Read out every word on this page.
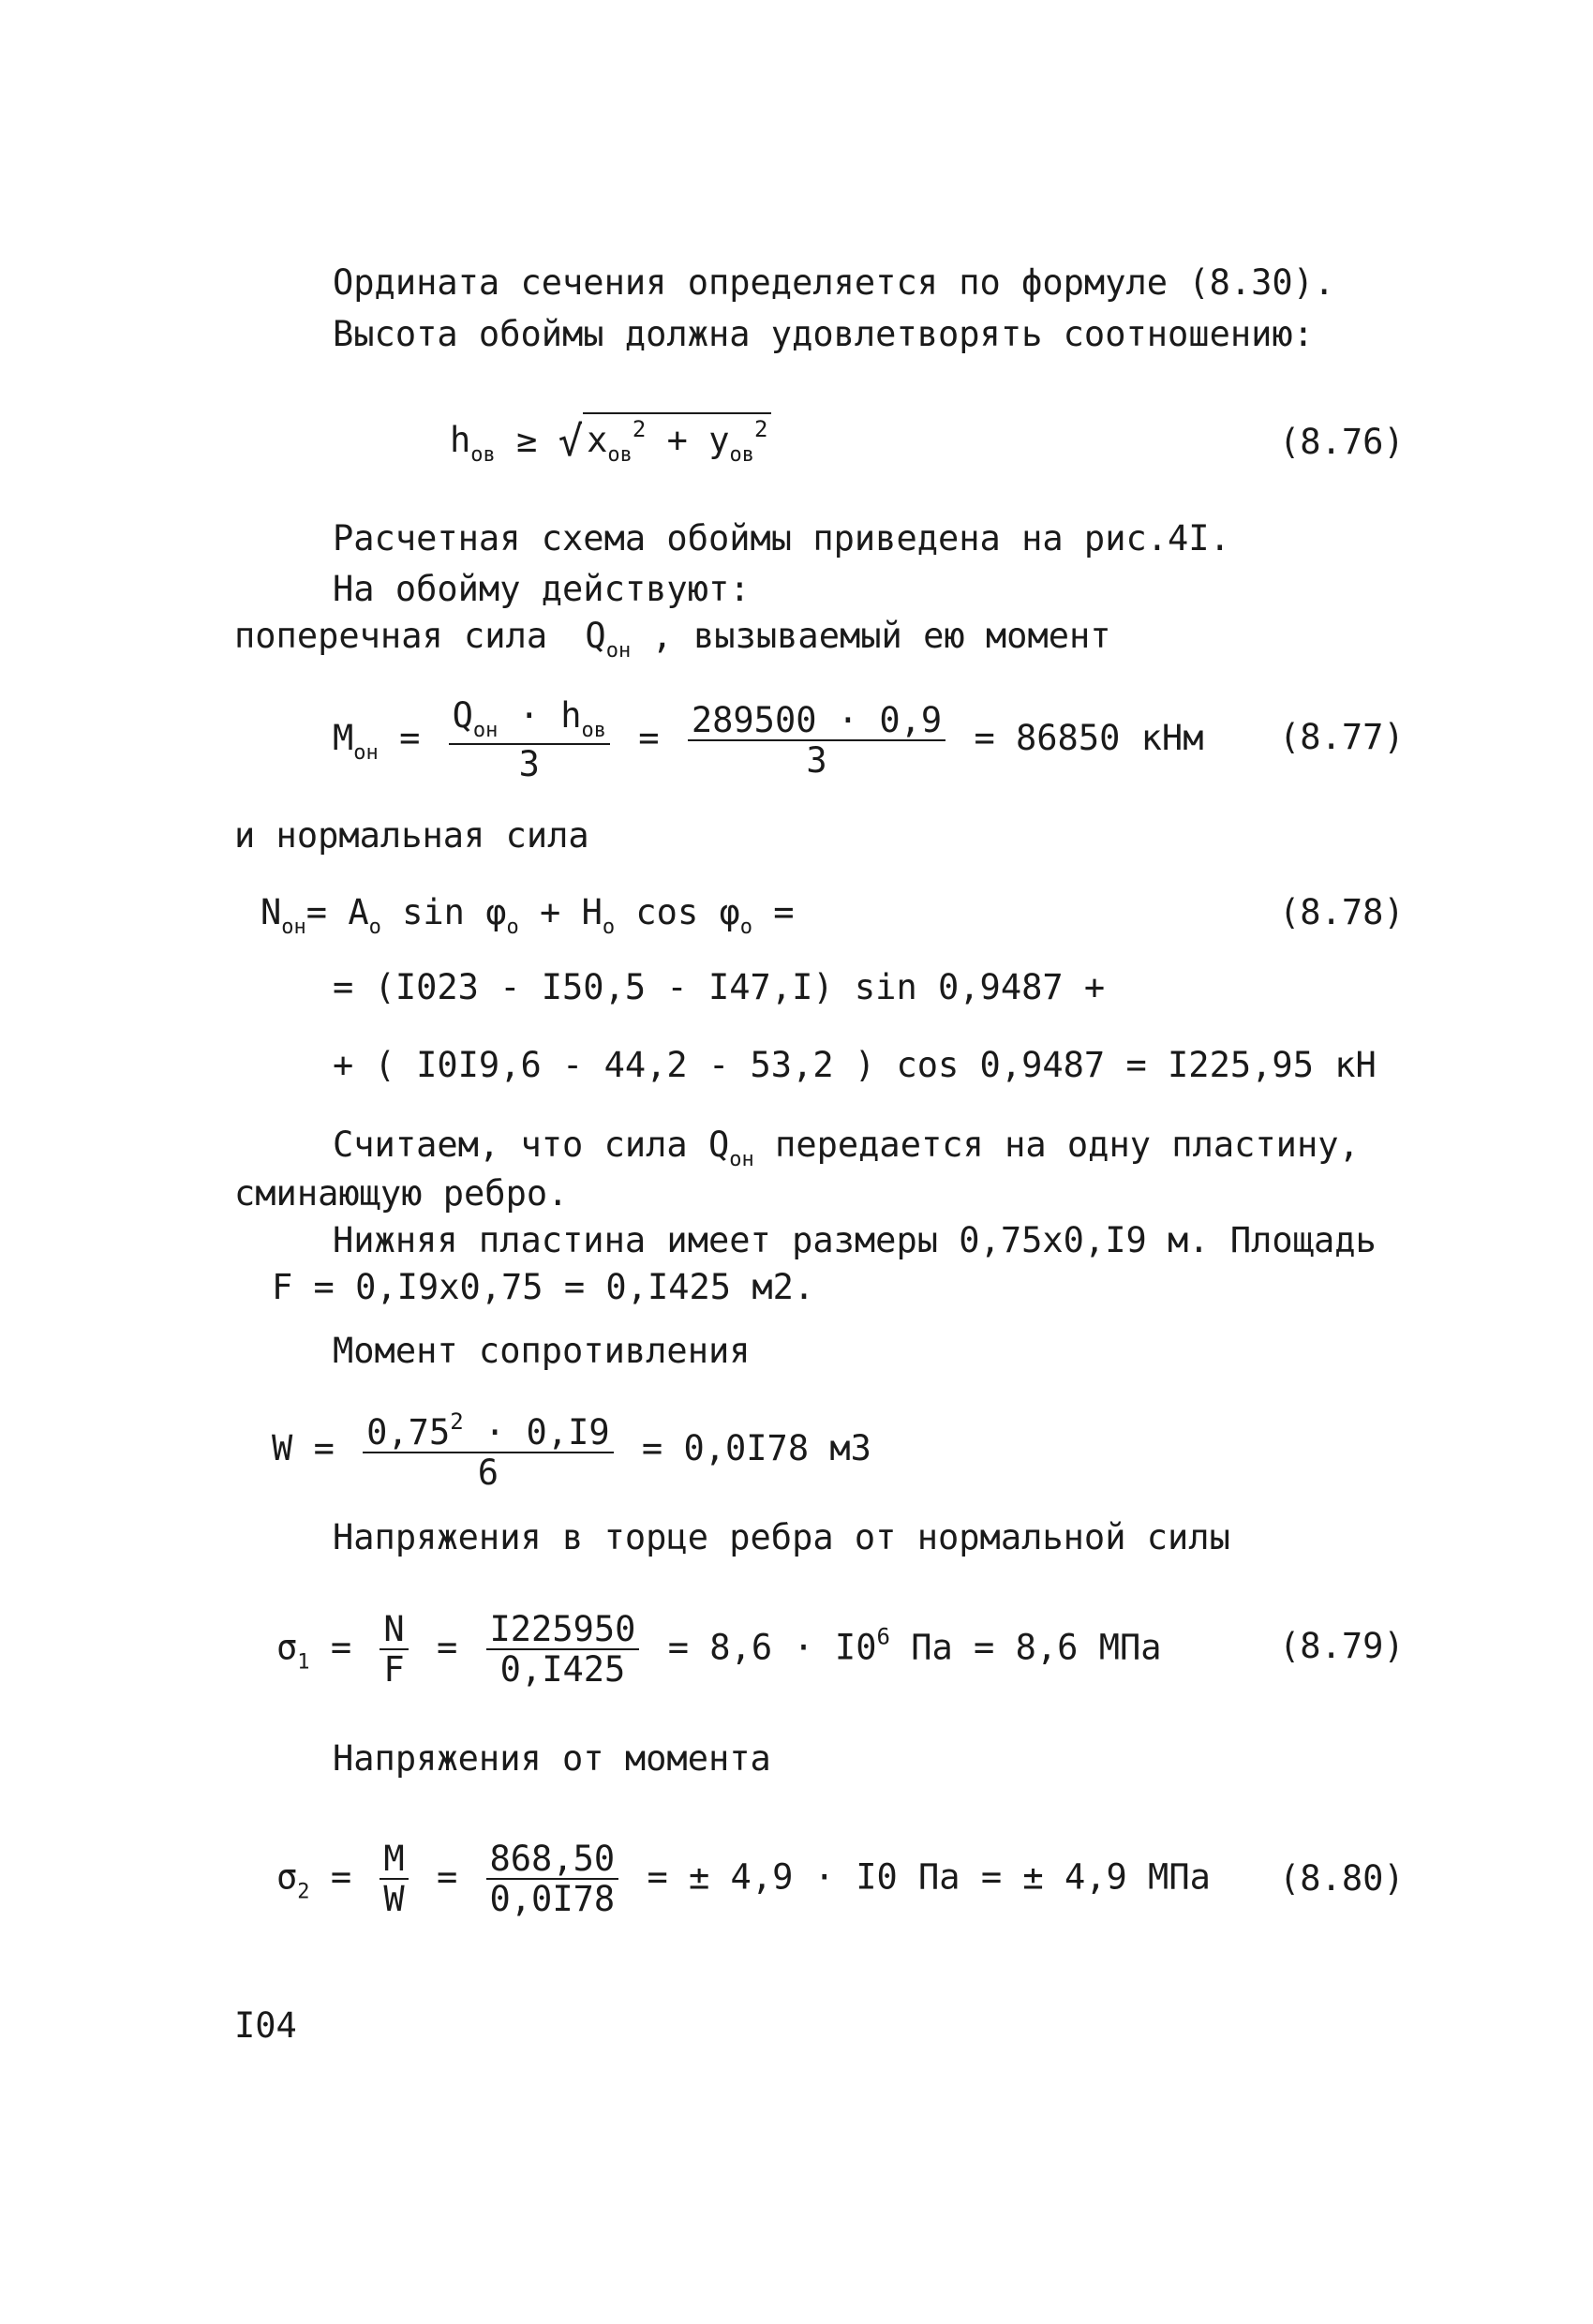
Ордината сечения определяется по формуле (8.30).
Высота обоймы должна удовлетворять соотношению:
$h_{ов}$ ≥ √ $x_{ов}^2 + y_{ов}^2$	(8.76)
Расчетная схема обоймы приведена на рис.4I.
На обойму действуют:
поперечная сила $Q_{он}$ , вызываемый ею момент
$M_{он} = \frac{Q_{он} \cdot h_{ов}}{3} = \frac{289500 \cdot 0,9}{3} = 86850$ кНм (8.77)
и нормальная сила
$N_{он}= A_о$ $\sin \varphi_о + H_о$ $\cos \varphi_о$ =	(8.78)
= (I023 - I50,5 - I47,I) sin 0,9487 +
+ ( I0I9,6 - 44,2 - 53,2 ) cos 0,9487 = I225,95 кН
Считаем, что сила $Q_{он}$ передается на одну пластину,
сминающую ребро.
Нижняя пластина имеет размеры 0,75х0,I9 м. Площадь
F = 0,I9х0,75 = 0,I425 м2.
Момент сопротивления
$W = \frac{0,75^2 \cdot 0,I9}{6} = 0,0I78$ м3
Напряжения в торце ребра от нормальной силы
$\sigma_1 = \frac{N}{F} = \frac{I225950}{0,I425} = 8,6 \cdot I0^6$ Па = 8,6 МПа	(8.79)
Напряжения от момента
$\sigma_2 = \frac{M}{W} = \frac{868,50}{0,0I78}$ = ± 4,9 · I0 Па = ± 4,9 МПа (8.80)
I04
